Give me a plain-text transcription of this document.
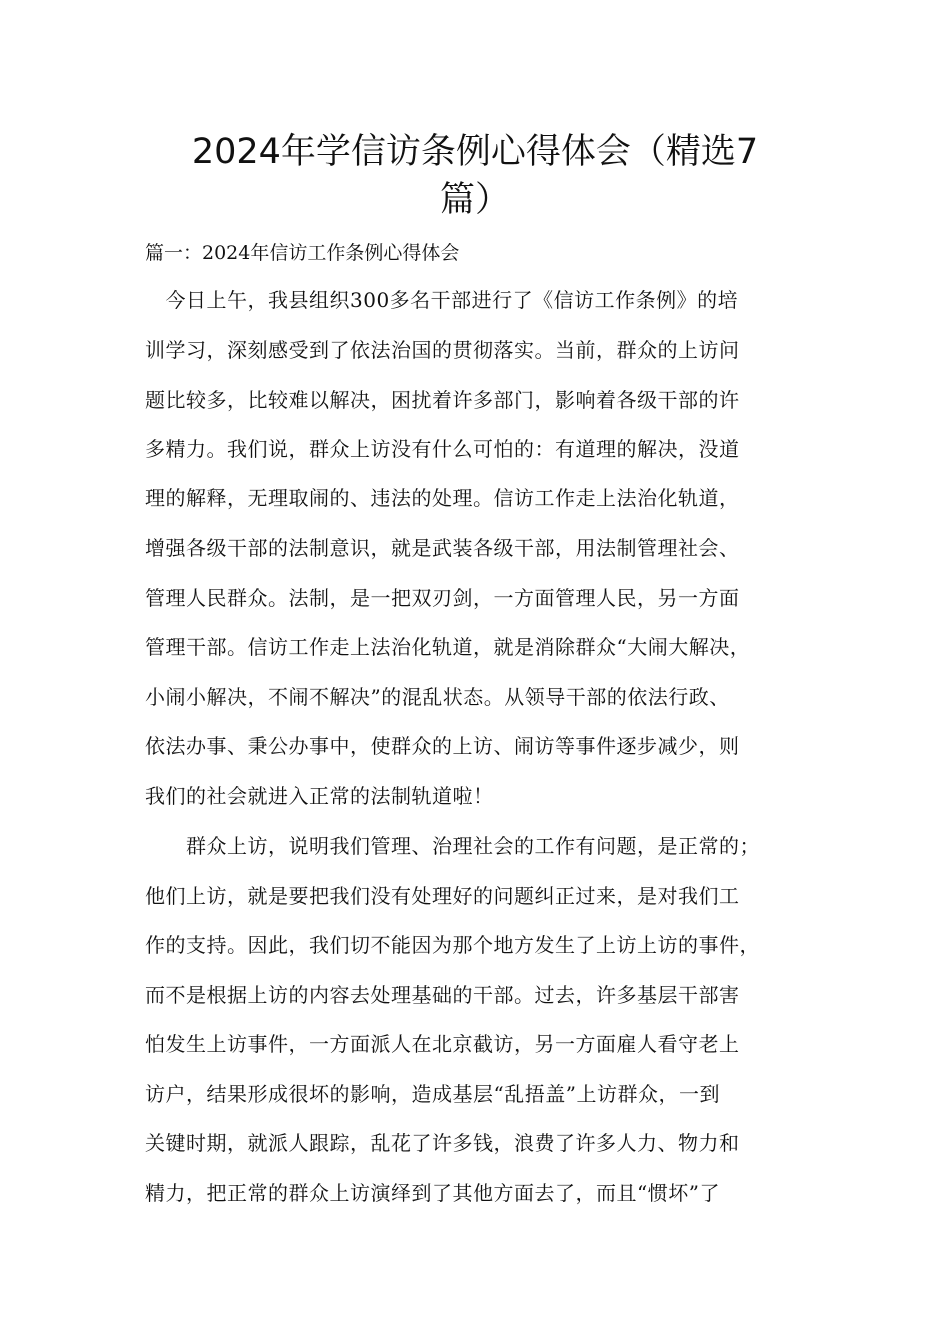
2024年学信访条例心得体会（精选7
篇）

篇一：2024年信访工作条例心得体会

　今日上午，我县组织300多名干部进行了《信访工作条例》的培

训学习，深刻感受到了依法治国的贯彻落实。当前，群众的上访问

题比较多，比较难以解决，困扰着许多部门，影响着各级干部的许

多精力。我们说，群众上访没有什么可怕的：有道理的解决，没道

理的解释，无理取闹的、违法的处理。信访工作走上法治化轨道，

增强各级干部的法制意识，就是武装各级干部，用法制管理社会、

管理人民群众。法制，是一把双刃剑，一方面管理人民，另一方面

管理干部。信访工作走上法治化轨道，就是消除群众“大闹大解决，

小闹小解决，不闹不解决”的混乱状态。从领导干部的依法行政、

依法办事、秉公办事中，使群众的上访、闹访等事件逐步减少，则

我们的社会就进入正常的法制轨道啦！

　　群众上访，说明我们管理、治理社会的工作有问题，是正常的；

他们上访，就是要把我们没有处理好的问题纠正过来，是对我们工

作的支持。因此，我们切不能因为那个地方发生了上访上访的事件，

而不是根据上访的内容去处理基础的干部。过去，许多基层干部害

怕发生上访事件，一方面派人在北京截访，另一方面雇人看守老上

访户，结果形成很坏的影响，造成基层“乱捂盖”上访群众，一到

关键时期，就派人跟踪，乱花了许多钱，浪费了许多人力、物力和

精力，把正常的群众上访演绎到了其他方面去了，而且“惯坏”了
